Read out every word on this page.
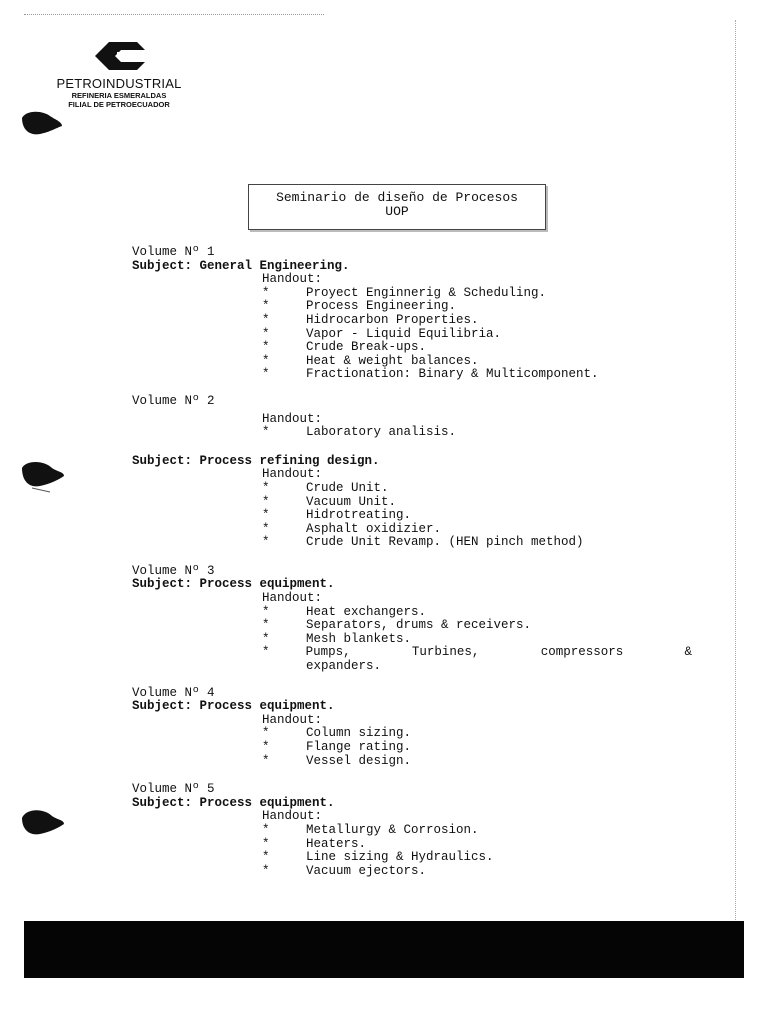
PETROINDUSTRIAL
REFINERIA ESMERALDAS
FILIAL DE PETROECUADOR
Seminario de diseño de Procesos
UOP
Volume Nº 1
Subject: General Engineering.
Handout:
*	Proyect Enginnerig & Scheduling.
*	Process Engineering.
*	Hidrocarbon Properties.
*	Vapor - Liquid Equilibria.
*	Crude Break-ups.
*	Heat & weight balances.
*	Fractionation: Binary & Multicomponent.
Volume Nº 2
Handout:
*	Laboratory analisis.
Subject: Process refining design.
Handout:
*	Crude Unit.
*	Vacuum Unit.
*	Hidrotreating.
*	Asphalt oxidizier.
*	Crude Unit Revamp. (HEN pinch method)
Volume Nº 3
Subject: Process equipment.
Handout:
*	Heat exchangers.
*	Separators, drums & receivers.
*	Mesh blankets.
*	Pumps,	Turbines,	compressors	&
expanders.
Volume Nº 4
Subject: Process equipment.
Handout:
*	Column sizing.
*	Flange rating.
*	Vessel design.
Volume Nº 5
Subject: Process equipment.
Handout:
*	Metallurgy & Corrosion.
*	Heaters.
*	Line sizing & Hydraulics.
*	Vacuum ejectors.
